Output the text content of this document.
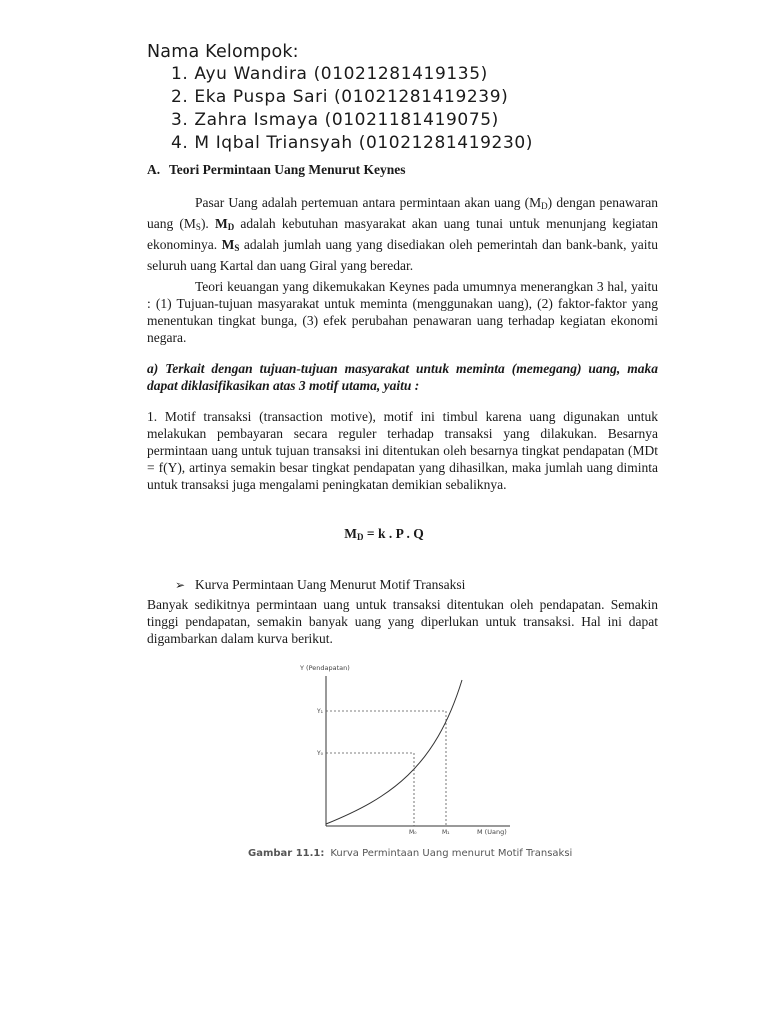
Nama Kelompok:
1. Ayu Wandira (01021281419135)
2. Eka Puspa Sari (01021281419239)
3. Zahra Ismaya (01021181419075)
4. M Iqbal Triansyah (01021281419230)
A. Teori Permintaan Uang Menurut Keynes

Pasar Uang adalah pertemuan antara permintaan akan uang $(M_D)$ dengan penawaran uang $(M_S)$. $M_D$ adalah kebutuhan masyarakat akan uang tunai untuk menunjang kegiatan ekonominya. $M_S$ adalah jumlah uang yang disediakan oleh pemerintah dan bank-bank, yaitu seluruh uang Kartal dan uang Giral yang beredar.

Teori keuangan yang dikemukakan Keynes pada umumnya menerangkan 3 hal, yaitu : (1) Tujuan-tujuan masyarakat untuk meminta (menggunakan uang), (2) faktor-faktor yang menentukan tingkat bunga, (3) efek perubahan penawaran uang terhadap kegiatan ekonomi negara.

a) Terkait dengan tujuan-tujuan masyarakat untuk meminta (memegang) uang, maka dapat diklasifikasikan atas 3 motif utama, yaitu :

1. Motif transaksi (transaction motive), motif ini timbul karena uang digunakan untuk melakukan pembayaran secara reguler terhadap transaksi yang dilakukan. Besarnya permintaan uang untuk tujuan transaksi ini ditentukan oleh besarnya tingkat pendapatan (MDt = f(Y), artinya semakin besar tingkat pendapatan yang dihasilkan, maka jumlah uang diminta untuk transaksi juga mengalami peningkatan demikian sebaliknya.

$M_D = k$ . P . Q
➢ Kurva Permintaan Uang Menurut Motif Transaksi

Banyak sedikitnya permintaan uang untuk transaksi ditentukan oleh pendapatan. Semakin tinggi pendapatan, semakin banyak uang yang diperlukan untuk transaksi. Hal ini dapat digambarkan dalam kurva berikut.

Y (Pendapatan)
M (Uang)
Y₁
Y₀
M₀	M₁
Gambar 11.1: Kurva Permintaan Uang menurut Motif Transaksi
